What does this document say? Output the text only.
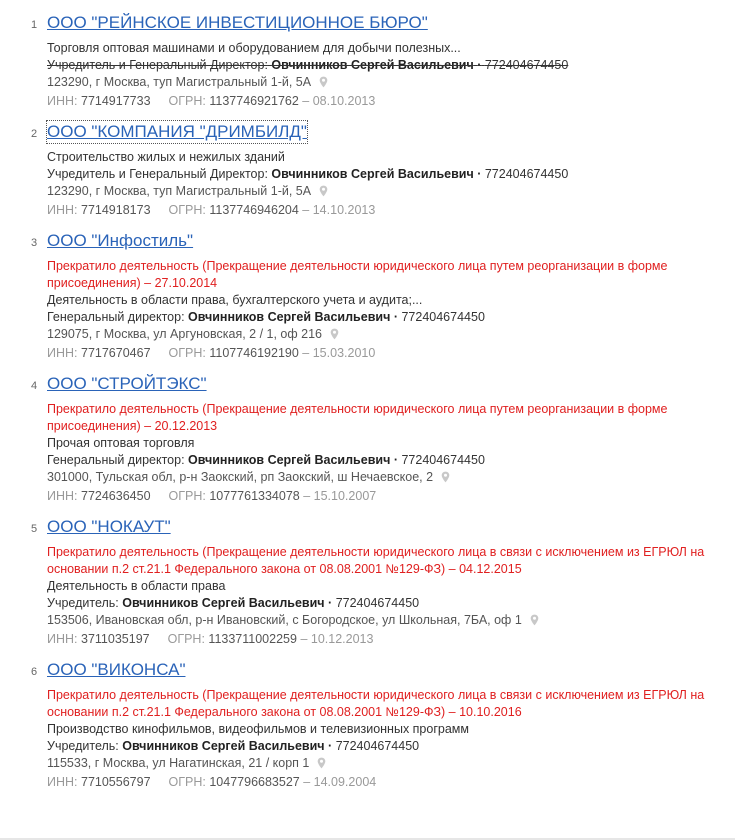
1 ООО "РЕЙНСКОЕ ИНВЕСТИЦИОННОЕ БЮРО"
Торговля оптовая машинами и оборудованием для добычи полезных...
Учредитель и Генеральный Директор: Овчинников Сергей Васильевич · 772404674450
123290, г Москва, туп Магистральный 1-й, 5А
ИНН: 7714917733 ОГРН: 1137746921762 – 08.10.2013
2 ООО "КОМПАНИЯ "ДРИМБИЛД"
Строительство жилых и нежилых зданий
Учредитель и Генеральный Директор: Овчинников Сергей Васильевич · 772404674450
123290, г Москва, туп Магистральный 1-й, 5А
ИНН: 7714918173 ОГРН: 1137746946204 – 14.10.2013
3 ООО "Инфостиль"
Прекратило деятельность (Прекращение деятельности юридического лица путем реорганизации в форме присоединения) – 27.10.2014
Деятельность в области права, бухгалтерского учета и аудита;...
Генеральный директор: Овчинников Сергей Васильевич · 772404674450
129075, г Москва, ул Аргуновская, 2 / 1, оф 216
ИНН: 7717670467 ОГРН: 1107746192190 – 15.03.2010
4 ООО "СТРОЙТЭКС"
Прекратило деятельность (Прекращение деятельности юридического лица путем реорганизации в форме присоединения) – 20.12.2013
Прочая оптовая торговля
Генеральный директор: Овчинников Сергей Васильевич · 772404674450
301000, Тульская обл, р-н Заокский, рп Заокский, ш Нечаевское, 2
ИНН: 7724636450 ОГРН: 1077761334078 – 15.10.2007
5 ООО "НОКАУТ"
Прекратило деятельность (Прекращение деятельности юридического лица в связи с исключением из ЕГРЮЛ на основании п.2 ст.21.1 Федерального закона от 08.08.2001 №129-ФЗ) – 04.12.2015
Деятельность в области права
Учредитель: Овчинников Сергей Васильевич · 772404674450
153506, Ивановская обл, р-н Ивановский, с Богородское, ул Школьная, 7БА, оф 1
ИНН: 3711035197 ОГРН: 1133711002259 – 10.12.2013
6 ООО "ВИКОНСА"
Прекратило деятельность (Прекращение деятельности юридического лица в связи с исключением из ЕГРЮЛ на основании п.2 ст.21.1 Федерального закона от 08.08.2001 №129-ФЗ) – 10.10.2016
Производство кинофильмов, видеофильмов и телевизионных программ
Учредитель: Овчинников Сергей Васильевич · 772404674450
115533, г Москва, ул Нагатинская, 21 / корп 1
ИНН: 7710556797 ОГРН: 1047796683527 – 14.09.2004
